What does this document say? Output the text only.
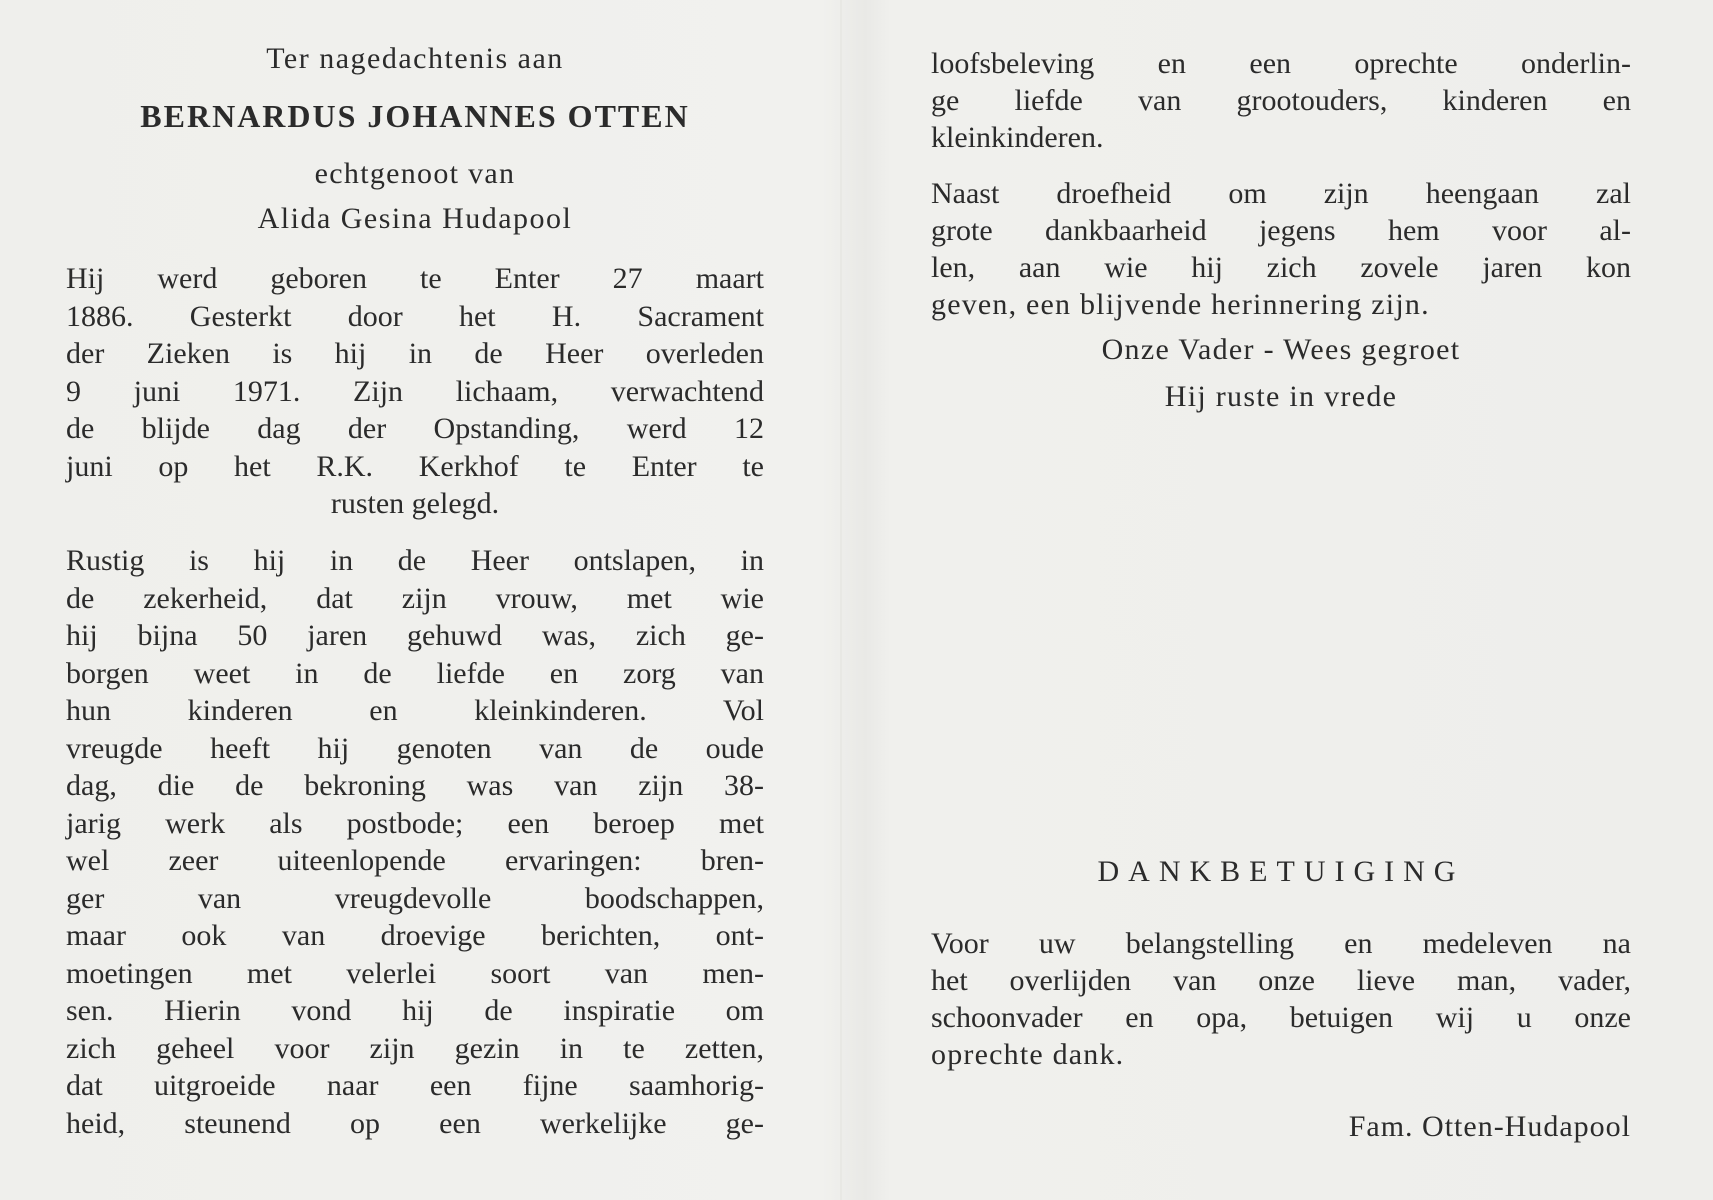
Ter nagedachtenis aan
BERNARDUS JOHANNES OTTEN
echtgenoot van
Alida Gesina Hudapool
Hij werd geboren te Enter 27 maart
1886. Gesterkt door het H. Sacrament
der Zieken is hij in de Heer overleden
9 juni 1971. Zijn lichaam, verwachtend
de blijde dag der Opstanding, werd 12
juni op het R.K. Kerkhof te Enter te
rusten gelegd.
Rustig is hij in de Heer ontslapen, in
de zekerheid, dat zijn vrouw, met wie
hij bijna 50 jaren gehuwd was, zich ge-
borgen weet in de liefde en zorg van
hun kinderen en kleinkinderen. Vol
vreugde heeft hij genoten van de oude
dag, die de bekroning was van zijn 38-
jarig werk als postbode; een beroep met
wel zeer uiteenlopende ervaringen: bren-
ger van vreugdevolle boodschappen,
maar ook van droevige berichten, ont-
moetingen met velerlei soort van men-
sen. Hierin vond hij de inspiratie om
zich geheel voor zijn gezin in te zetten,
dat uitgroeide naar een fijne saamhorig-
heid, steunend op een werkelijke ge-
loofsbeleving en een oprechte onderlin-
ge liefde van grootouders, kinderen en
kleinkinderen.
Naast droefheid om zijn heengaan zal
grote dankbaarheid jegens hem voor al-
len, aan wie hij zich zovele jaren kon
geven, een blijvende herinnering zijn.
Onze Vader - Wees gegroet
Hij ruste in vrede
DANKBETUIGING
Voor uw belangstelling en medeleven na
het overlijden van onze lieve man, vader,
schoonvader en opa, betuigen wij u onze
oprechte dank.
Fam. Otten-Hudapool
